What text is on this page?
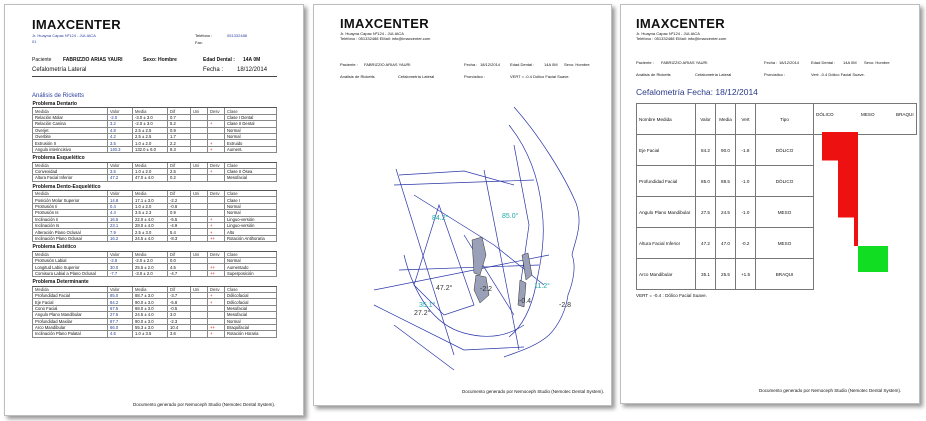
IMAXCENTER
Jr. Huayna Capac Nº124 - JULIACA
01
Teléfono :	051332488
Fax:
Paciente FABRIZZIO ARIAS YAURI	Sexo: Hombre	Edad Dental : 14A 0M
Cefalometría Lateral	Fecha : 18/12/2014
Análisis de Ricketts
Problema Dentario						
Medida	Valor	Media	Dif	Uni	Desv	Clase
Relación Molar	-2.0	-3.0 ± 3.0	0.7			Clase I Dental
Relación Canina	3.2	-2.0 ± 3.0	5.2		+	Clase II Dental
Overjet	4.8	2.5 ± 2.5	0.9			Normal
Overbite	4.2	2.5 ± 2.5	1.7			Normal
Extrusión II	3.5	1.0 ± 2.0	2.2		+	Extruido
Angulo interincisivo	140.3	132.0 ± 6.0	8.3		+	Aument.
Problema Esquelético						
Medida	Valor	Media	Dif	Uni	Desv	Clase
Convexidad	3.5	1.0 ± 2.0	2.5		+	Clase II Ósea
Altura Facial Inferior	47.2	47.0 ± 4.0	0.2			Mesofacial
Problema Dento-Esquelético						
Medida	Valor	Media	Dif	Uni	Desv	Clase
Posición Molar Superior	14.8	17.1 ± 3.0	-2.2			Clase I
Protrusión Ii	0.4	1.0 ± 2.0	-0.6			Normal
Protrusión Is	4.4	3.5 ± 2.3	0.9			Normal
Inclinación Ii	16.5	22.0 ± 4.0	-5.5		+	Linguo-versión
Inclinación Is	23.1	28.0 ± 4.0	-4.9		+	Linguo-versión
Alteración Plano Oclusal	7.9	2.5 ± 3.0	5.4		+	Alto
Inclinación Plano Oclusal	16.2	24.5 ± 4.0	-8.3		++	Rotación Antihoraria
Problema Estético						
Medida	Valor	Media	Dif	Uni	Desv	Clase
Protrusión Labial	-2.8	-2.0 ± 2.0	0.0			Normal
Longitud Labio Superior	30.0	25.5 ± 2.0	4.5		++	Aumentado
Comisura Labial a Plano Oclusal	-7.7	-3.0 ± 2.0	-4.7		++	Superposición
Problema Determinante						
Medida	Valor	Media	Dif	Uni	Desv	Clase
Profundidad Facial	85.0	88.7 ± 3.0	-3.7		+	Dólicofacial
Eje Facial	84.2	90.0 ± 3.0	-5.8		+	Dólicofacial
Cono Facial	67.5	68.0 ± 3.0	-0.5			Mesofacial
Angulo Plano Mandibular	27.5	24.5 ± 4.0	3.0			Mesofacial
Profundidad Maxilar	87.7	90.0 ± 3.0	-2.3			Normal
Arco Mandibular	66.0	55.3 ± 3.0	10.4		++	Braquifacial
Inclinación Plano Palatal	4.6	1.0 ± 3.5	3.6		+	Rotación Horaria
Documento generado por Nemoceph Studio (Nemotec Dental System).
IMAXCENTER
Jr. Huayna Capac Nº124 - JULIACA
Teléfono : 051332488 EMail: info@imaxcenter.com
Paciente : FABRIZZIO ARIAS YAURI	Fecha : 18/12/2014 Edad Dental : 14A 0M Sexo: Hombre
Análisis de Ricketts	Cefalometría Lateral	Pronóstico :	VERT = -0.4 Dólico Facial Suave.
84.2°	85.0°
11.2°
35.1°
47.2°	-2.2
-0.4
27.2°
-2.8
Documento generado por Nemoceph Studio (Nemotec Dental System).
IMAXCENTER
Jr. Huayna Capac Nº124 - JULIACA
Teléfono : 051332488 EMail: info@imaxcenter.com
Paciente : FABRIZZIO ARIAS YAURI	Fecha : 18/12/2014	Edad Dental : 14A 0M Sexo: Hombre
Análisis de Ricketts	Cefalometría Lateral	Pronóstico :	Vert: -0.4 Dólico Facial Suave.
Cefalometría Fecha: 18/12/2014
Nombre Medida	Valor	Media	Vert	Tipo	DÓLICO MESO BRAQUI

Eje Facial	84.2	90.0	-1.8	DÓLICO	
Profundidad Facial	85.0	88.5	-1.0	DÓLICO	
Angulo Plano Mandibular	27.5	24.5	-1.0	MESO	
Altura Facial Inferior	47.2	47.0	-0.2	MESO	
Arco Mandibular	35.1	25.5	+1.5	BRAQUI	
VERT = -0.4 : Dólico Facial Suave.
Documento generado por Nemoceph Studio (Nemotec Dental System).
